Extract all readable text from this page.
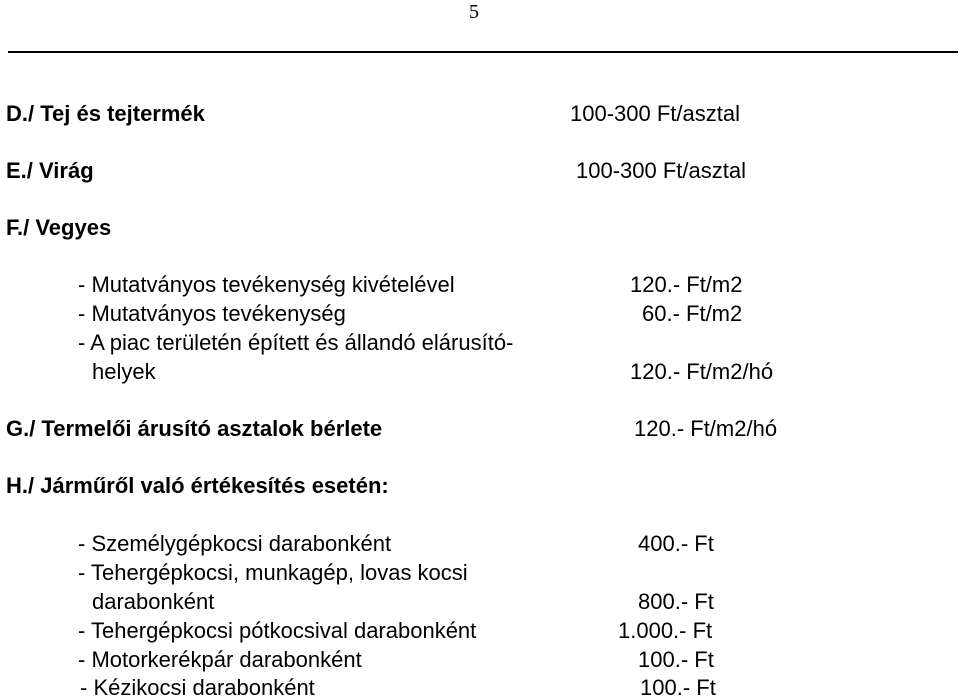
5
D./ Tej és tejtermék	100-300 Ft/asztal
E./ Virág	100-300 Ft/asztal
F./ Vegyes
- Mutatványos tevékenység kivételével	120.- Ft/m2
- Mutatványos tevékenység	60.- Ft/m2
- A piac területén épített és állandó elárusító-
helyek	120.- Ft/m2/hó
G./ Termelői árusító asztalok bérlete	120.- Ft/m2/hó
H./ Járműről való értékesítés esetén:
- Személygépkocsi darabonként	400.- Ft
- Tehergépkocsi, munkagép, lovas kocsi
darabonként	800.- Ft
- Tehergépkocsi pótkocsival darabonként	1.000.- Ft
- Motorkerékpár darabonként	100.- Ft
- Kézikocsi darabonként	100.- Ft
